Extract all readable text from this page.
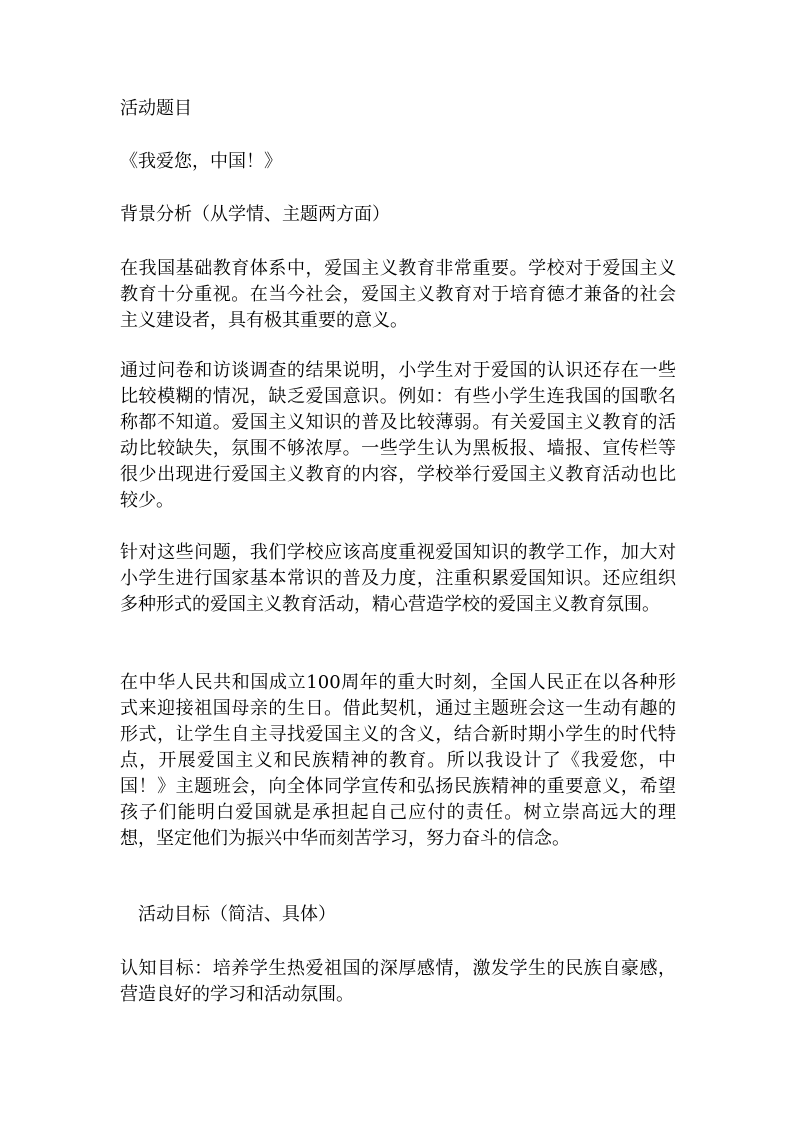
活动题目
《我爱您，中国！》
背景分析（从学情、主题两方面）
在我国基础教育体系中，爱国主义教育非常重要。学校对于爱国主义教育十分重视。在当今社会，爱国主义教育对于培育德才兼备的社会主义建设者，具有极其重要的意义。
通过问卷和访谈调查的结果说明，小学生对于爱国的认识还存在一些比较模糊的情况，缺乏爱国意识。例如：有些小学生连我国的国歌名称都不知道。爱国主义知识的普及比较薄弱。有关爱国主义教育的活动比较缺失，氛围不够浓厚。一些学生认为黑板报、墙报、宣传栏等很少出现进行爱国主义教育的内容，学校举行爱国主义教育活动也比较少。
针对这些问题，我们学校应该高度重视爱国知识的教学工作，加大对小学生进行国家基本常识的普及力度，注重积累爱国知识。还应组织多种形式的爱国主义教育活动，精心营造学校的爱国主义教育氛围。
在中华人民共和国成立100周年的重大时刻，全国人民正在以各种形式来迎接祖国母亲的生日。借此契机，通过主题班会这一生动有趣的形式，让学生自主寻找爱国主义的含义，结合新时期小学生的时代特点，开展爱国主义和民族精神的教育。所以我设计了《我爱您，中国！》主题班会，向全体同学宣传和弘扬民族精神的重要意义，希望孩子们能明白爱国就是承担起自己应付的责任。树立崇高远大的理想，坚定他们为振兴中华而刻苦学习，努力奋斗的信念。
活动目标（简洁、具体）
认知目标：培养学生热爱祖国的深厚感情，激发学生的民族自豪感，营造良好的学习和活动氛围。
